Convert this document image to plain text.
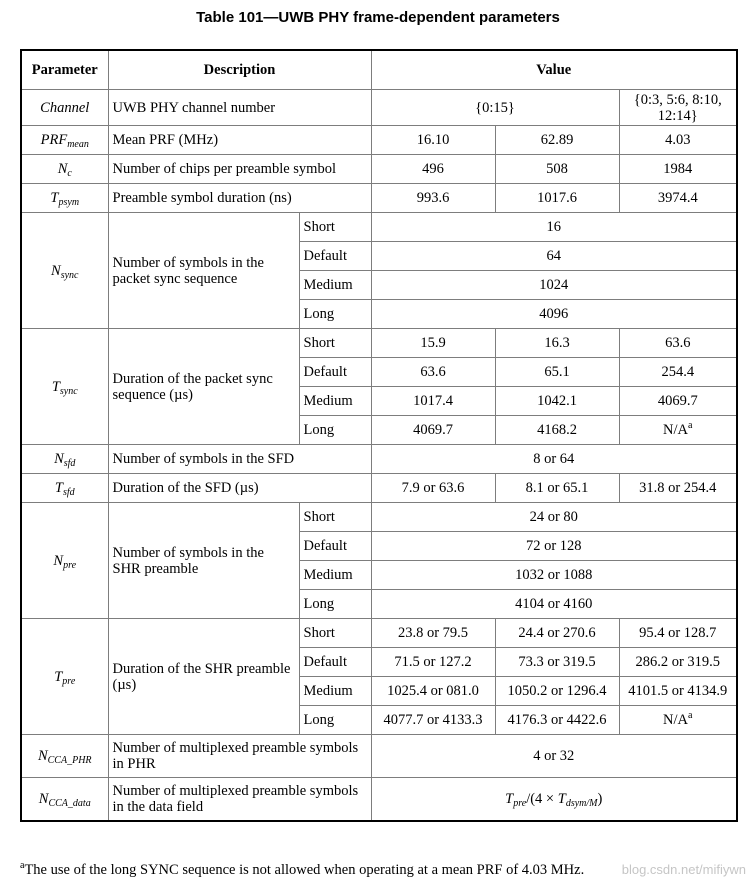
Table 101—UWB PHY frame-dependent parameters
Parameter	Description		Value		
Channel	UWB PHY channel number		{0:15}		{0:3, 5:6, 8:10, 12:14}
$PRF_{mean}$	Mean PRF (MHz)		16.10	62.89	4.03
$N_c$	Number of chips per preamble symbol		496	508	1984
$T_{psym}$	Preamble symbol duration (ns)		993.6	1017.6	3974.4
$N_{sync}$	Number of symbols in the packet sync sequence	Short	16		
		Default	64		
		Medium	1024		
		Long	4096		
$T_{sync}$	Duration of the packet sync sequence (µs)	Short	15.9	16.3	63.6
		Default	63.6	65.1	254.4
		Medium	1017.4	1042.1	4069.7
		Long	4069.7	4168.2	$N/A^a$
$N_{sfd}$	Number of symbols in the SFD		8 or 64		
$T_{sfd}$	Duration of the SFD (µs)		7.9 or 63.6	8.1 or 65.1	31.8 or 254.4
$N_{pre}$	Number of symbols in the SHR preamble	Short	24 or 80		
		Default	72 or 128		
		Medium	1032 or 1088		
		Long	4104 or 4160		
$T_{pre}$	Duration of the SHR preamble (µs)	Short	23.8 or 79.5	24.4 or 270.6	95.4 or 128.7
		Default	71.5 or 127.2	73.3 or 319.5	286.2 or 319.5
		Medium	1025.4 or 081.0	1050.2 or 1296.4	4101.5 or 4134.9
		Long	4077.7 or 4133.3	4176.3 or 4422.6	$N/A^a$
$N_{CCA\_PHR}$	Number of multiplexed preamble symbols in PHR		4 or 32		
$N_{CCA\_data}$	Number of multiplexed preamble symbols in the data field		$T_{pre}/(4 \times T_{dsym/M})$		
$^a$The use of the long SYNC sequence is not allowed when operating at a mean PRF of 4.03 MHz.	blog.csdn.net/mifiywn
